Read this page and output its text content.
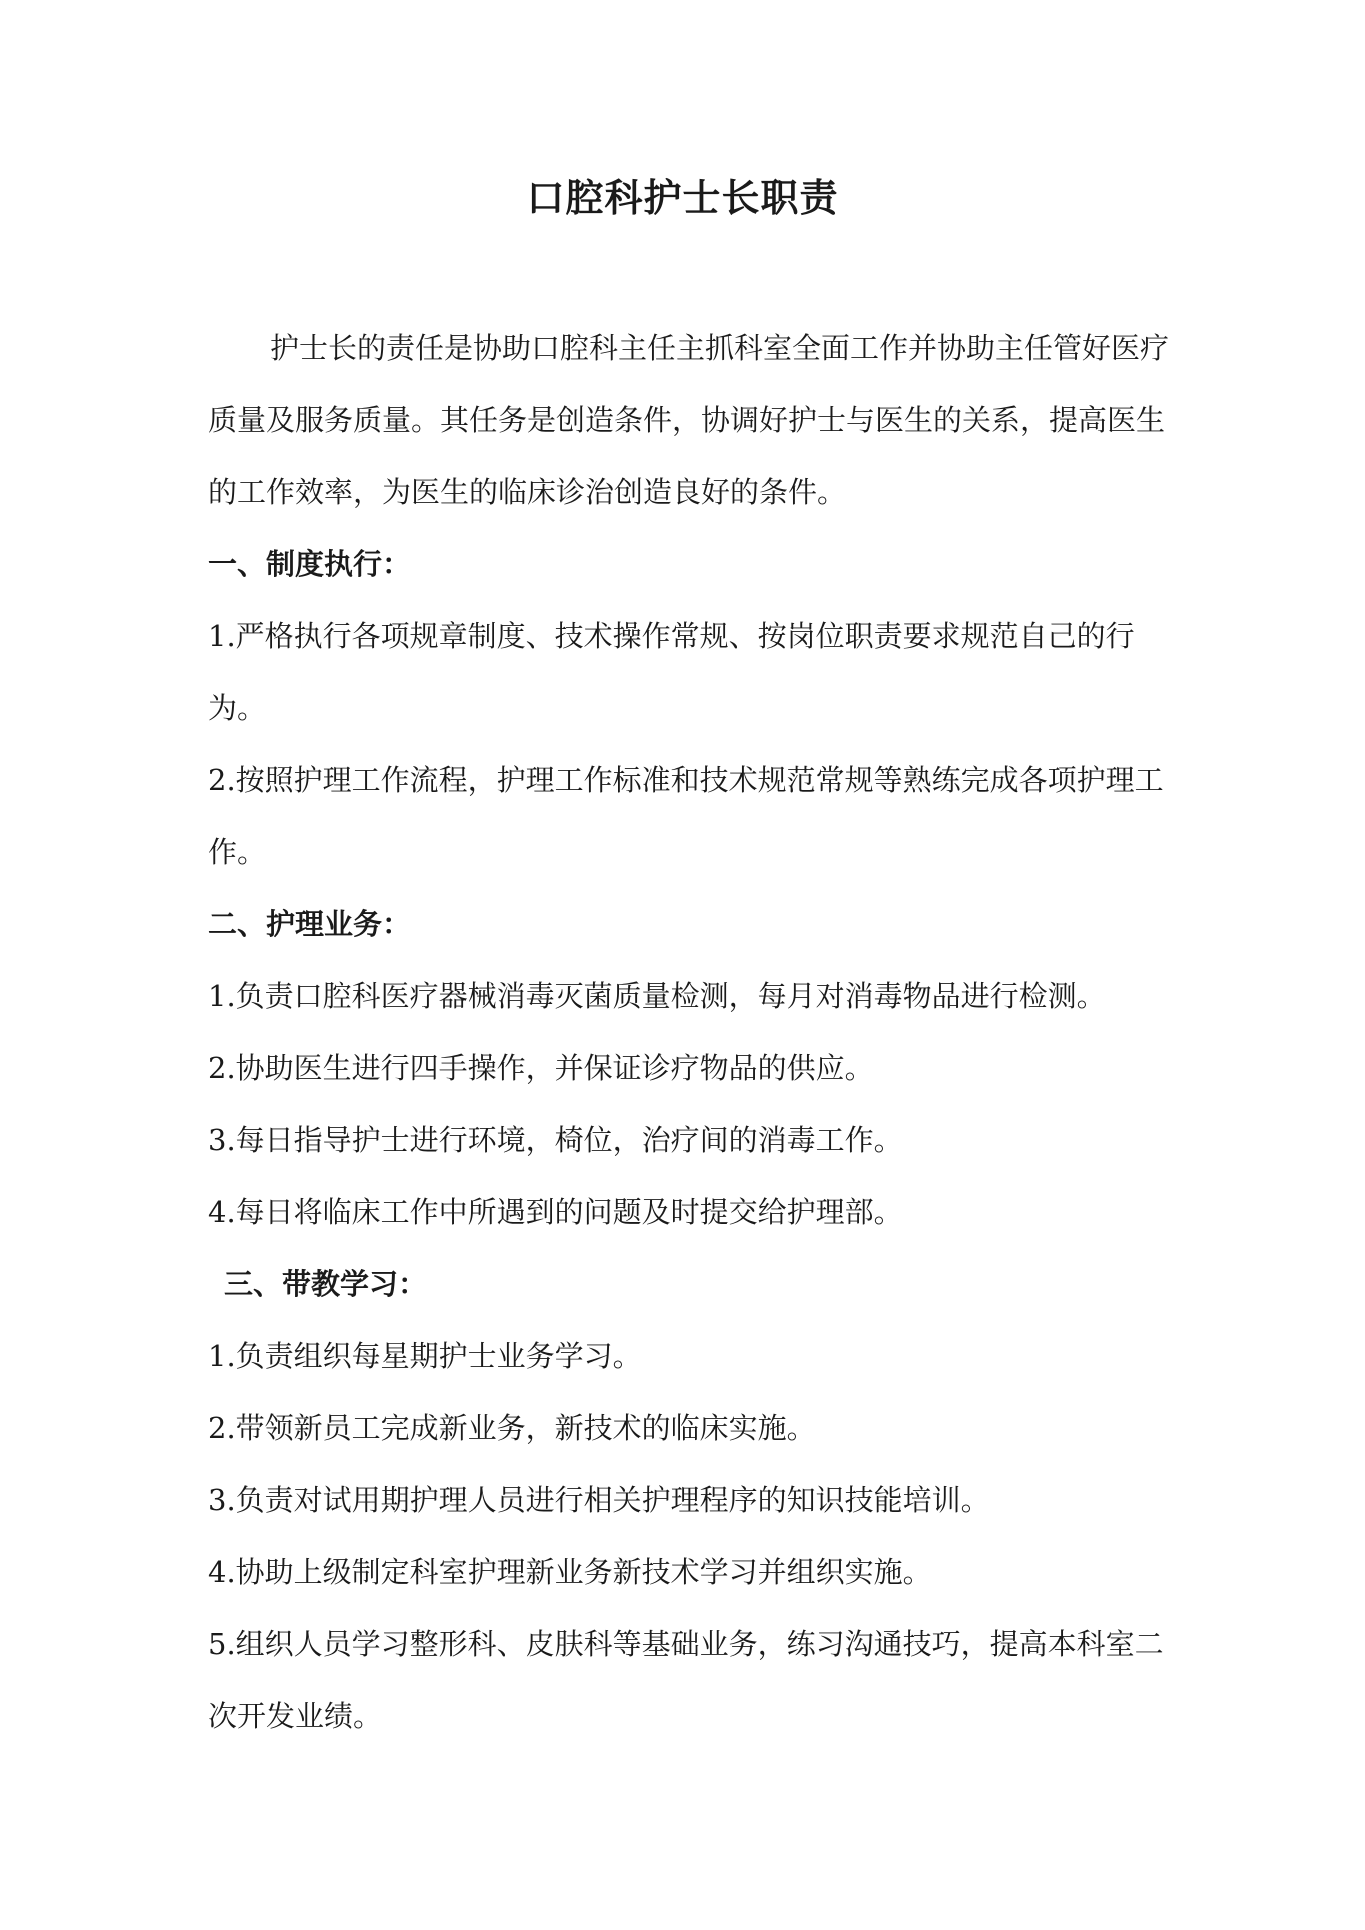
口腔科护士长职责

护士长的责任是协助口腔科主任主抓科室全面工作并协助主任管好医疗质量及服务质量。其任务是创造条件，协调好护士与医生的关系，提高医生的工作效率，为医生的临床诊治创造良好的条件。

一、制度执行：

1.严格执行各项规章制度、技术操作常规、按岗位职责要求规范自己的行为。

2.按照护理工作流程，护理工作标准和技术规范常规等熟练完成各项护理工作。

二、护理业务：

1.负责口腔科医疗器械消毒灭菌质量检测，每月对消毒物品进行检测。

2.协助医生进行四手操作，并保证诊疗物品的供应。

3.每日指导护士进行环境，椅位，治疗间的消毒工作。

4.每日将临床工作中所遇到的问题及时提交给护理部。

三、带教学习：

1.负责组织每星期护士业务学习。

2.带领新员工完成新业务，新技术的临床实施。

3.负责对试用期护理人员进行相关护理程序的知识技能培训。

4.协助上级制定科室护理新业务新技术学习并组织实施。

5.组织人员学习整形科、皮肤科等基础业务，练习沟通技巧，提高本科室二次开发业绩。
